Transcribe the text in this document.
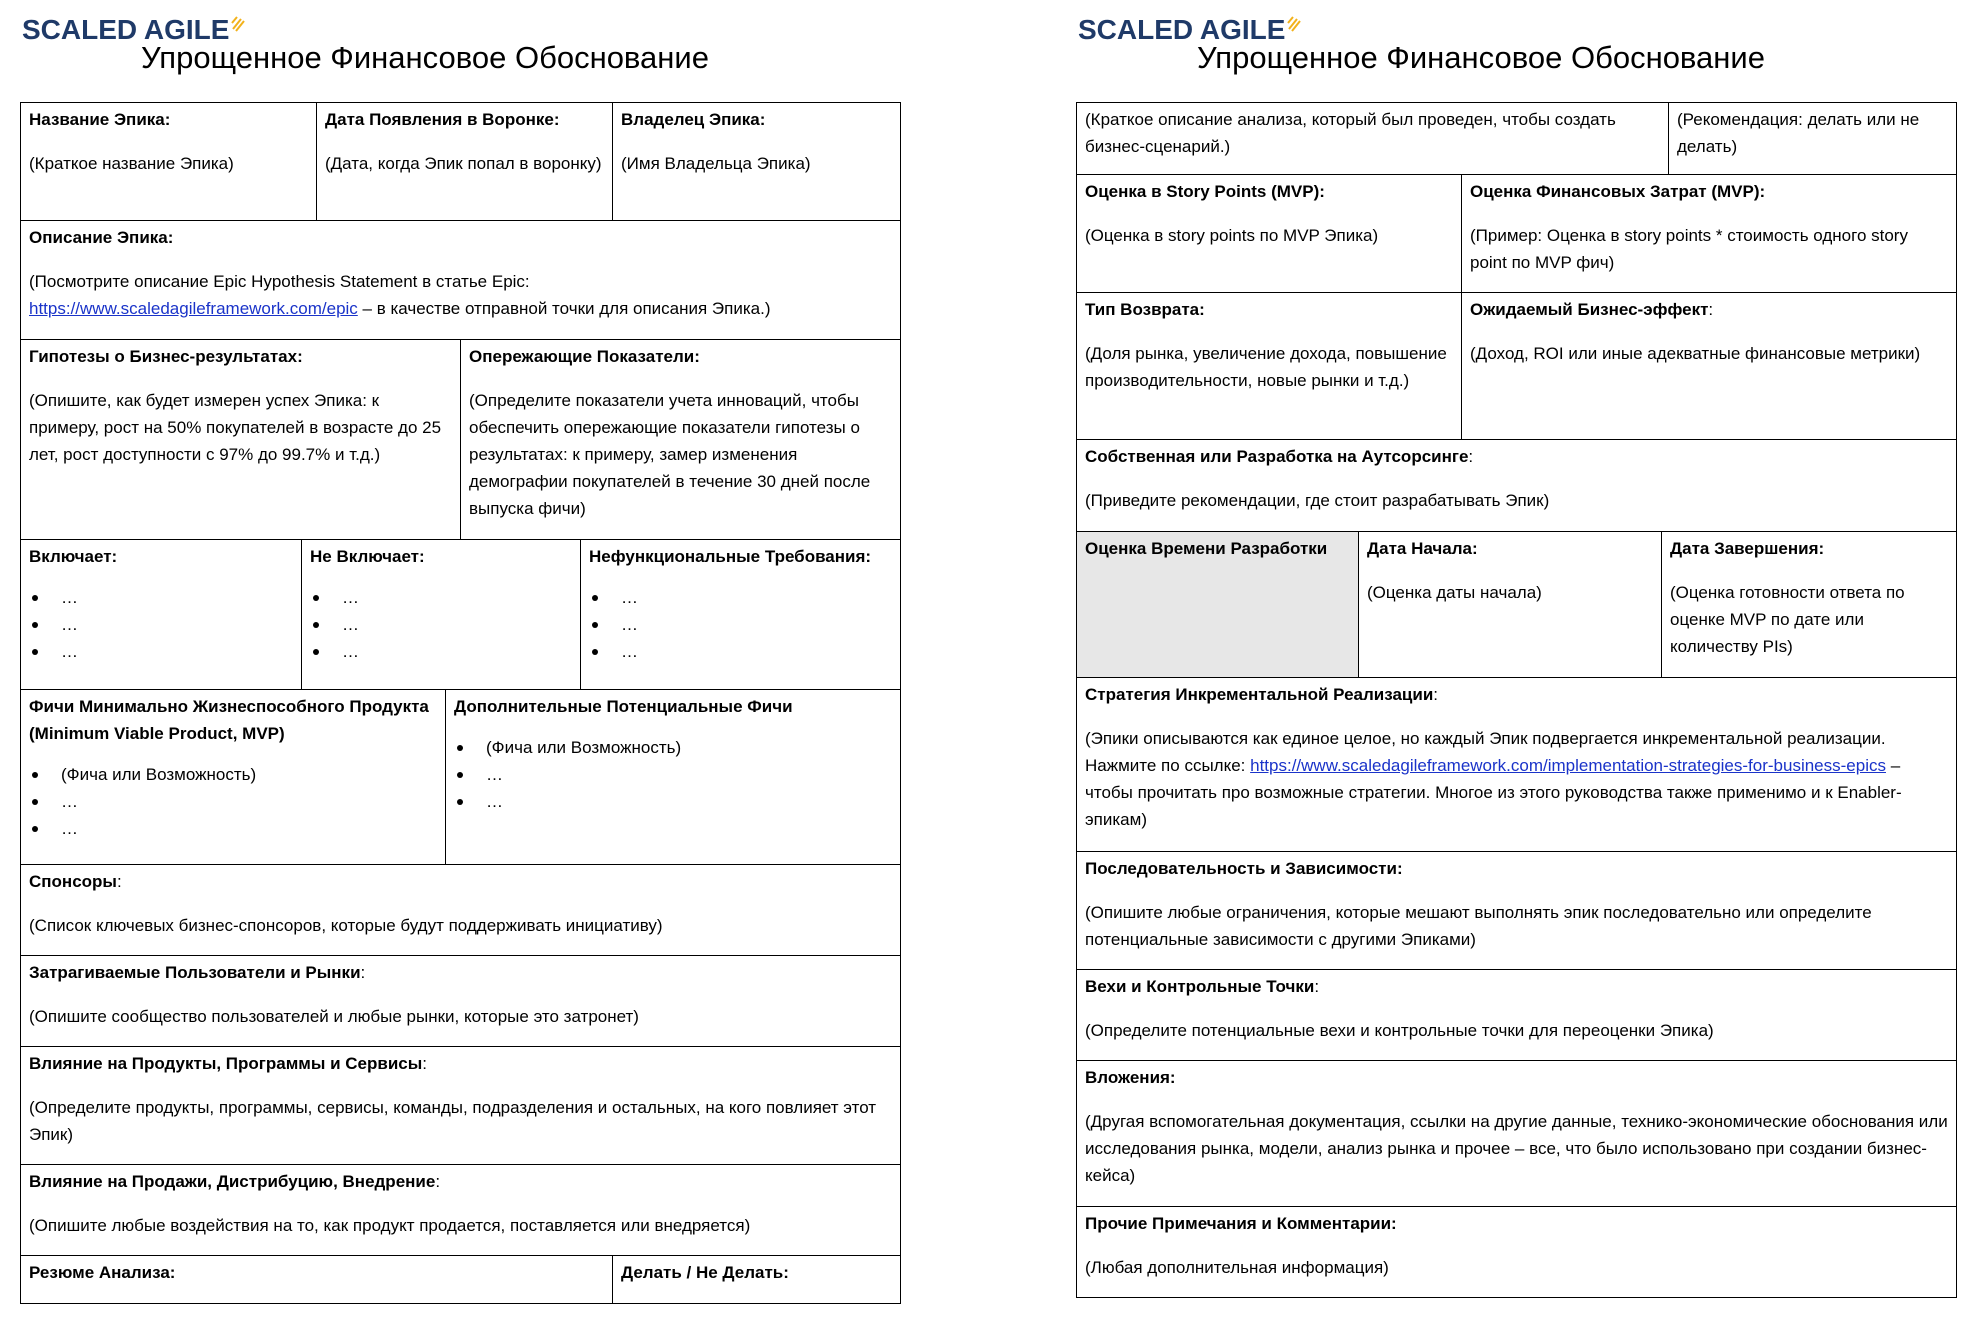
SCALED AGILE
Упрощенное Финансовое Обоснование
Название Эпика:
(Краткое название Эпика)
Дата Появления в Воронке:
(Дата, когда Эпик попал в воронку)
Владелец Эпика:
(Имя Владельца Эпика)
Описание Эпика:
(Посмотрите описание Epic Hypothesis Statement в статье Epic:
https://www.scaledagileframework.com/epic – в качестве отправной точки для описания Эпика.)
Гипотезы о Бизнес-результатах:
(Опишите, как будет измерен успех Эпика: к примеру, рост на 50% покупателей в возрасте до 25 лет, рост доступности с 97% до 99.7% и т.д.)
Опережающие Показатели:
(Определите показатели учета инноваций, чтобы обеспечить опережающие показатели гипотезы о результатах: к примеру, замер изменения демографии покупателей в течение 30 дней после выпуска фичи)
Включает:
…
…
…
Не Включает:
…
…
…
Нефункциональные Требования:
…
…
…
Фичи Минимально Жизнеспособного Продукта (Minimum Viable Product, MVP)
(Фича или Возможность)
…
…
Дополнительные Потенциальные Фичи
(Фича или Возможность)
…
…
Спонсоры:
(Список ключевых бизнес-спонсоров, которые будут поддерживать инициативу)
Затрагиваемые Пользователи и Рынки:
(Опишите сообщество пользователей и любые рынки, которые это затронет)
Влияние на Продукты, Программы и Сервисы:
(Определите продукты, программы, сервисы, команды, подразделения и остальных, на кого повлияет этот Эпик)
Влияние на Продажи, Дистрибуцию, Внедрение:
(Опишите любые воздействия на то, как продукт продается, поставляется или внедряется)
Резюме Анализа:	Делать / Не Делать:
SCALED AGILE
Упрощенное Финансовое Обоснование
(Краткое описание анализа, который был проведен, чтобы создать бизнес-сценарий.)
(Рекомендация: делать или не делать)
Оценка в Story Points (MVP):
(Оценка в story points по MVP Эпика)
Оценка Финансовых Затрат (MVP):
(Пример: Оценка в story points * стоимость одного story point по MVP фич)
Тип Возврата:
(Доля рынка, увеличение дохода, повышение производительности, новые рынки и т.д.)
Ожидаемый Бизнес-эффект:
(Доход, ROI или иные адекватные финансовые метрики)
Собственная или Разработка на Аутсорсинге:
(Приведите рекомендации, где стоит разрабатывать Эпик)
Оценка Времени Разработки	Дата Начала:
(Оценка даты начала)
Дата Завершения:
(Оценка готовности ответа по оценке MVP по дате или количеству PIs)
Стратегия Инкрементальной Реализации:
(Эпики описываются как единое целое, но каждый Эпик подвергается инкрементальной реализации. Нажмите по ссылке: https://www.scaledagileframework.com/implementation-strategies-for-business-epics – чтобы прочитать про возможные стратегии. Многое из этого руководства также применимо и к Enabler-эпикам)
Последовательность и Зависимости:
(Опишите любые ограничения, которые мешают выполнять эпик последовательно или определите потенциальные зависимости с другими Эпиками)
Вехи и Контрольные Точки:
(Определите потенциальные вехи и контрольные точки для переоценки Эпика)
Вложения:
(Другая вспомогательная документация, ссылки на другие данные, технико-экономические обоснования или исследования рынка, модели, анализ рынка и прочее – все, что было использовано при создании бизнес-кейса)
Прочие Примечания и Комментарии:
(Любая дополнительная информация)
